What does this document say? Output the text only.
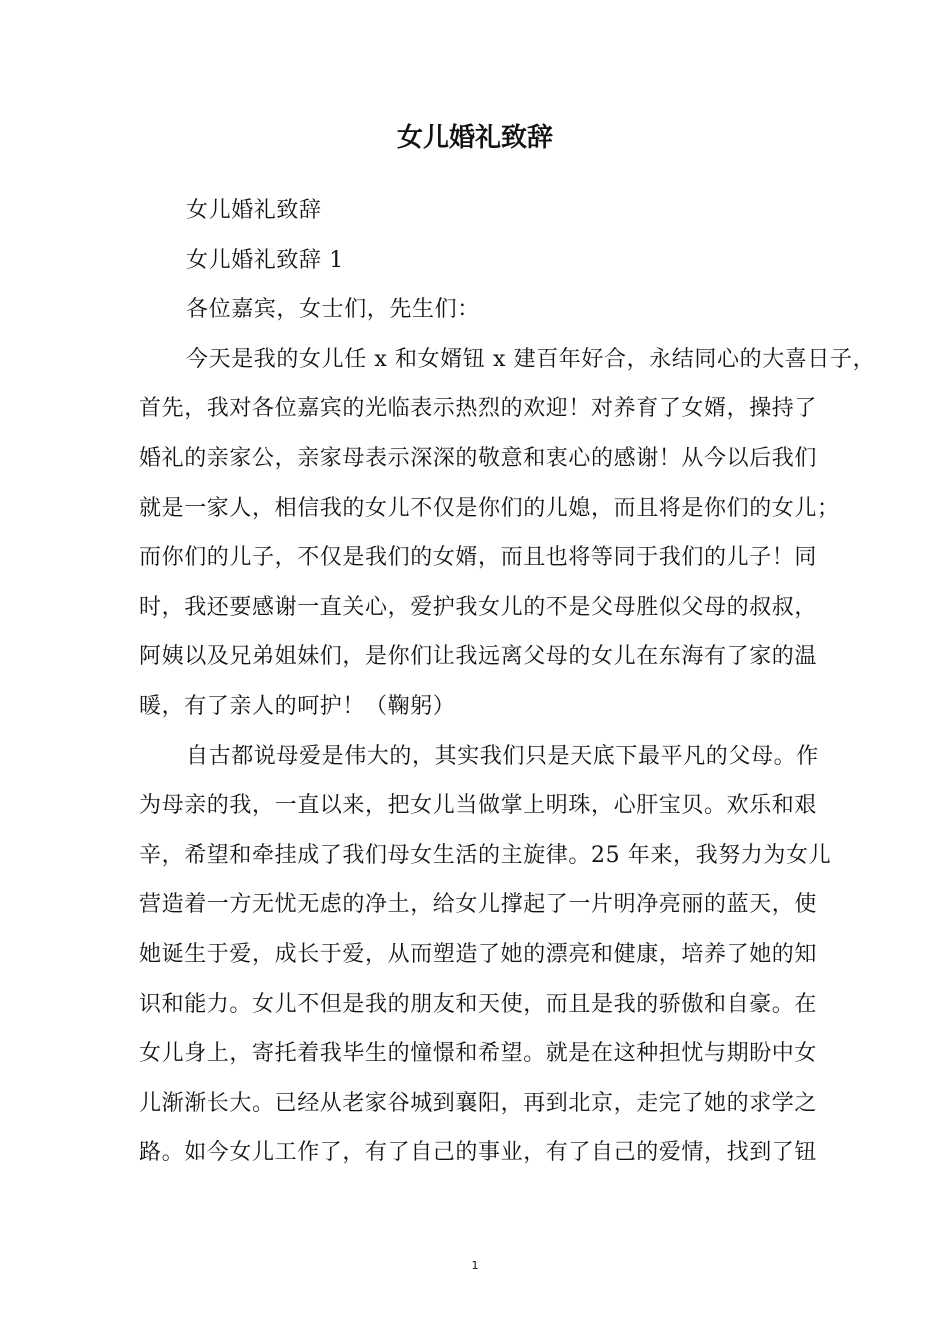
女儿婚礼致辞
女儿婚礼致辞
女儿婚礼致辞 1
各位嘉宾，女士们，先生们：
今天是我的女儿任 x 和女婿钮 x 建百年好合，永结同心的大喜日子，
首先，我对各位嘉宾的光临表示热烈的欢迎！对养育了女婿，操持了
婚礼的亲家公，亲家母表示深深的敬意和衷心的感谢！从今以后我们
就是一家人，相信我的女儿不仅是你们的儿媳，而且将是你们的女儿；
而你们的儿子，不仅是我们的女婿，而且也将等同于我们的儿子！同
时，我还要感谢一直关心，爱护我女儿的不是父母胜似父母的叔叔，
阿姨以及兄弟姐妹们，是你们让我远离父母的女儿在东海有了家的温
暖，有了亲人的呵护！（鞠躬）
自古都说母爱是伟大的，其实我们只是天底下最平凡的父母。作
为母亲的我，一直以来，把女儿当做掌上明珠，心肝宝贝。欢乐和艰
辛，希望和牵挂成了我们母女生活的主旋律。25 年来，我努力为女儿
营造着一方无忧无虑的净土，给女儿撑起了一片明净亮丽的蓝天，使
她诞生于爱，成长于爱，从而塑造了她的漂亮和健康，培养了她的知
识和能力。女儿不但是我的朋友和天使，而且是我的骄傲和自豪。在
女儿身上，寄托着我毕生的憧憬和希望。就是在这种担忧与期盼中女
儿渐渐长大。已经从老家谷城到襄阳，再到北京，走完了她的求学之
路。如今女儿工作了，有了自己的事业，有了自己的爱情，找到了钮
1
